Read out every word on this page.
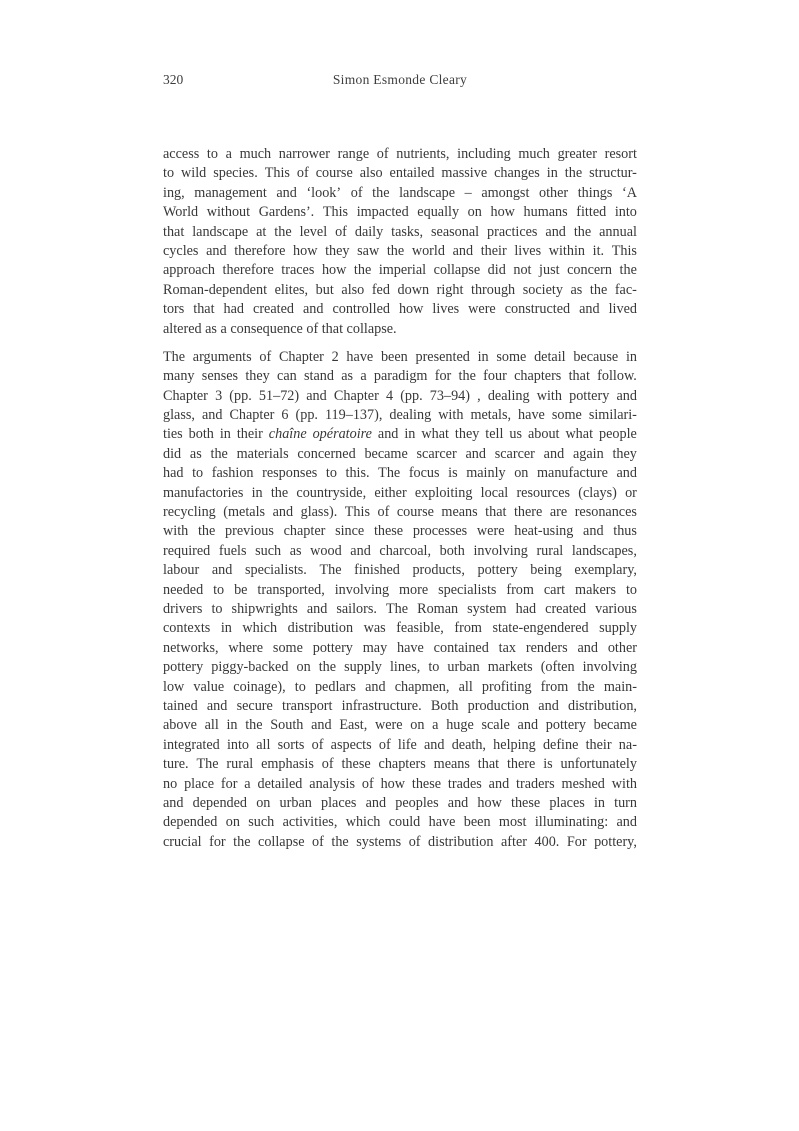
320	Simon Esmonde Cleary
access to a much narrower range of nutrients, including much greater resort
to wild species. This of course also entailed massive changes in the structur-
ing, management and ‘look’ of the landscape – amongst other things ‘A
World without Gardens’. This impacted equally on how humans fitted into
that landscape at the level of daily tasks, seasonal practices and the annual
cycles and therefore how they saw the world and their lives within it. This
approach therefore traces how the imperial collapse did not just concern the
Roman-dependent elites, but also fed down right through society as the fac-
tors that had created and controlled how lives were constructed and lived
altered as a consequence of that collapse.
The arguments of Chapter 2 have been presented in some detail because in
many senses they can stand as a paradigm for the four chapters that follow.
Chapter 3 (pp. 51–72) and Chapter 4 (pp. 73–94) , dealing with pottery and
glass, and Chapter 6 (pp. 119–137), dealing with metals, have some similari-
ties both in their chaîne opératoire and in what they tell us about what people
did as the materials concerned became scarcer and scarcer and again they
had to fashion responses to this. The focus is mainly on manufacture and
manufactories in the countryside, either exploiting local resources (clays) or
recycling (metals and glass). This of course means that there are resonances
with the previous chapter since these processes were heat-using and thus
required fuels such as wood and charcoal, both involving rural landscapes,
labour and specialists. The finished products, pottery being exemplary,
needed to be transported, involving more specialists from cart makers to
drivers to shipwrights and sailors. The Roman system had created various
contexts in which distribution was feasible, from state-engendered supply
networks, where some pottery may have contained tax renders and other
pottery piggy-backed on the supply lines, to urban markets (often involving
low value coinage), to pedlars and chapmen, all profiting from the main-
tained and secure transport infrastructure. Both production and distribution,
above all in the South and East, were on a huge scale and pottery became
integrated into all sorts of aspects of life and death, helping define their na-
ture. The rural emphasis of these chapters means that there is unfortunately
no place for a detailed analysis of how these trades and traders meshed with
and depended on urban places and peoples and how these places in turn
depended on such activities, which could have been most illuminating: and
crucial for the collapse of the systems of distribution after 400. For pottery,
